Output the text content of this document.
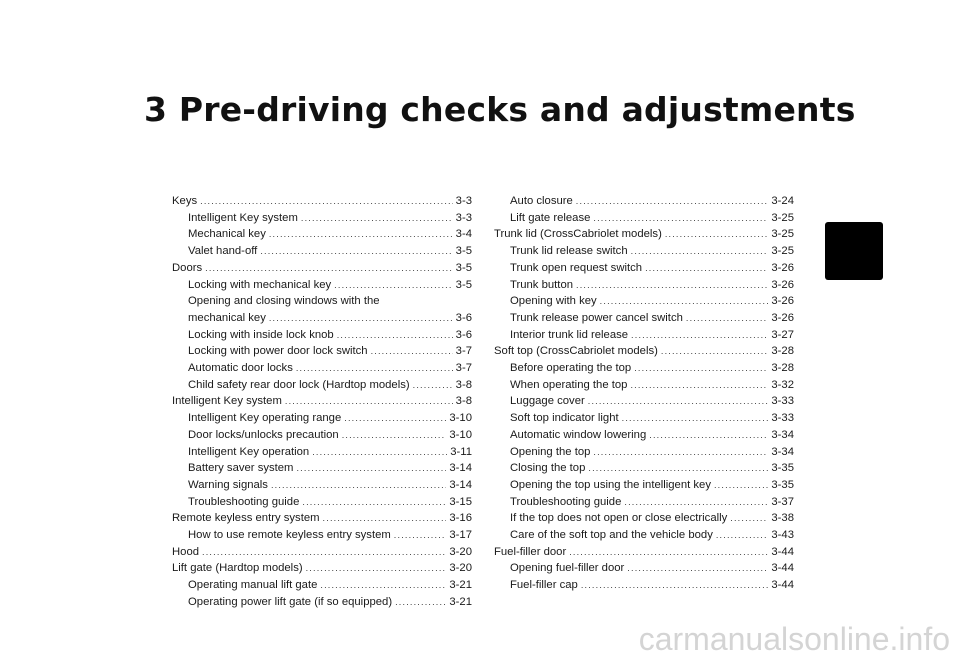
3 Pre-driving checks and adjustments
Keys .....	3-3
Intelligent Key system .....	3-3
Mechanical key .....	3-4
Valet hand-off .....	3-5
Doors .....	3-5
Locking with mechanical key .....	3-5
Opening and closing windows with the
mechanical key .....	3-6
Locking with inside lock knob .....	3-6
Locking with power door lock switch .....	3-7
Automatic door locks .....	3-7
Child safety rear door lock (Hardtop models) .....	3-8
Intelligent Key system .....	3-8
Intelligent Key operating range .....	3-10
Door locks/unlocks precaution .....	3-10
Intelligent Key operation .....	3-11
Battery saver system .....	3-14
Warning signals .....	3-14
Troubleshooting guide .....	3-15
Remote keyless entry system .....	3-16
How to use remote keyless entry system .....	3-17
Hood .....	3-20
Lift gate (Hardtop models) .....	3-20
Operating manual lift gate .....	3-21
Operating power lift gate (if so equipped) .....	3-21
Auto closure .....	3-24
Lift gate release .....	3-25
Trunk lid (CrossCabriolet models) .....	3-25
Trunk lid release switch .....	3-25
Trunk open request switch .....	3-26
Trunk button .....	3-26
Opening with key .....	3-26
Trunk release power cancel switch .....	3-26
Interior trunk lid release .....	3-27
Soft top (CrossCabriolet models) .....	3-28
Before operating the top .....	3-28
When operating the top .....	3-32
Luggage cover .....	3-33
Soft top indicator light .....	3-33
Automatic window lowering .....	3-34
Opening the top .....	3-34
Closing the top .....	3-35
Opening the top using the intelligent key .....	3-35
Troubleshooting guide .....	3-37
If the top does not open or close electrically .....	3-38
Care of the soft top and the vehicle body .....	3-43
Fuel-filler door .....	3-44
Opening fuel-filler door .....	3-44
Fuel-filler cap .....	3-44
carmanualsonline.info
